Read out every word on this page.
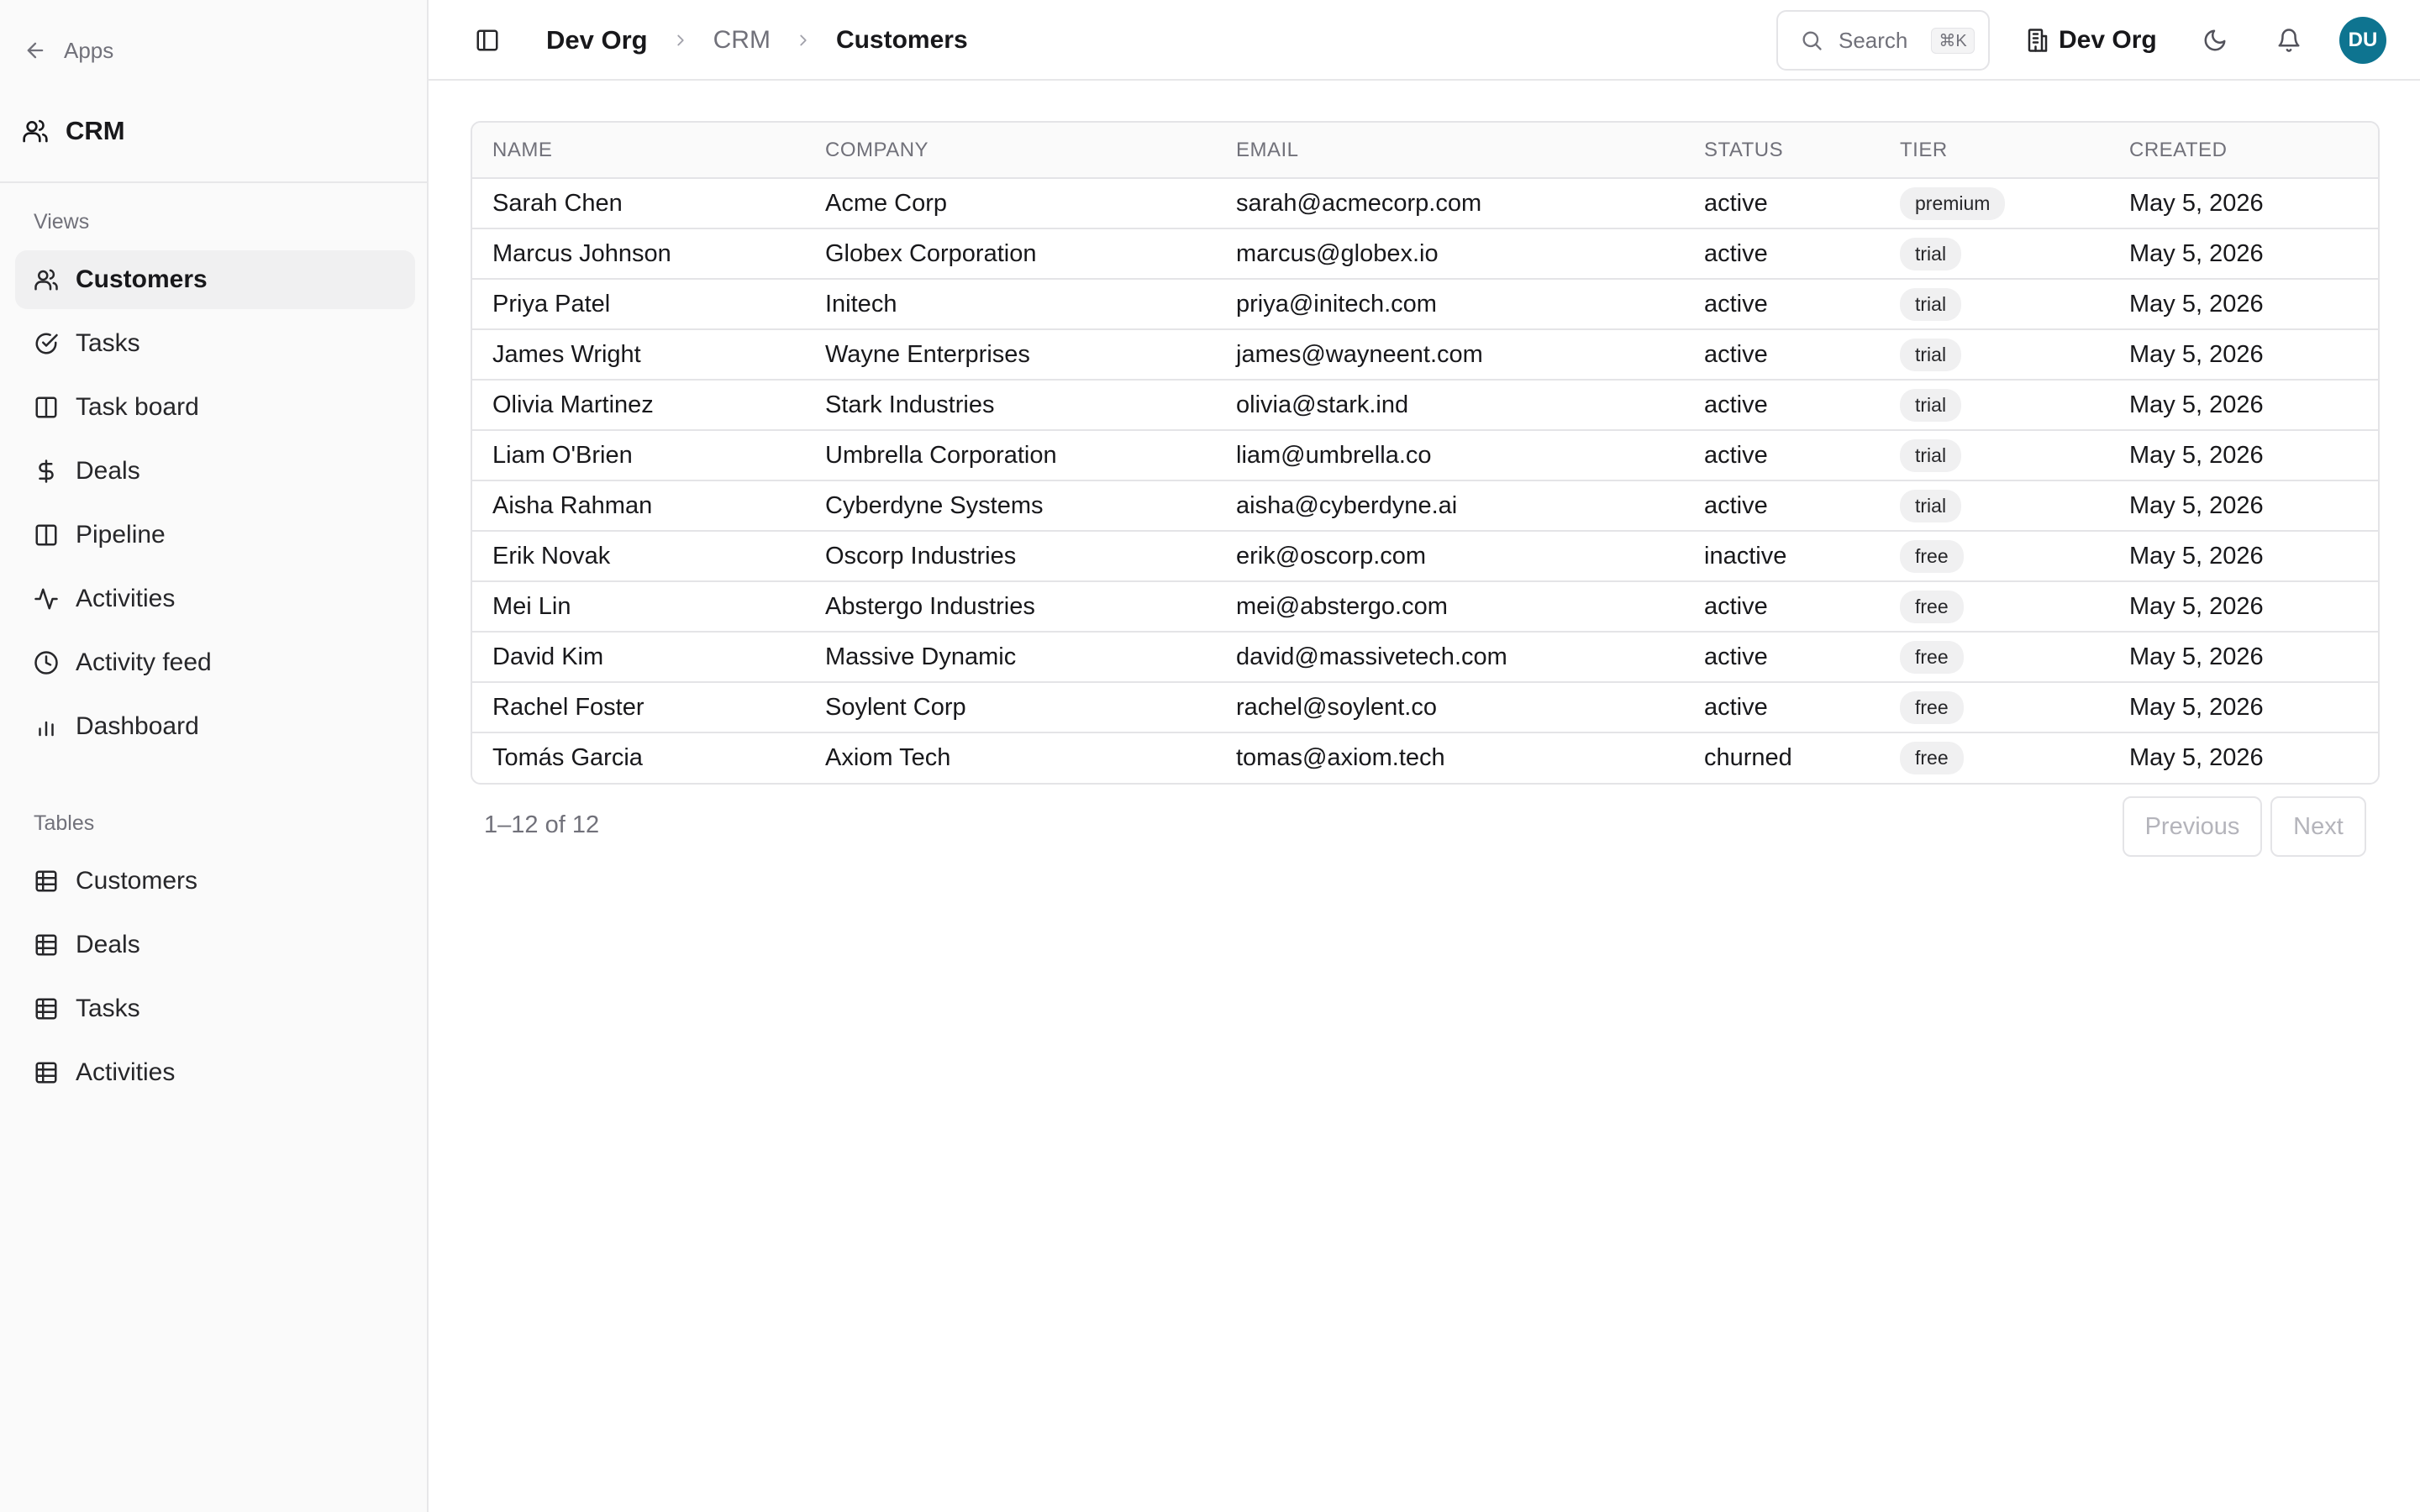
Apps
CRM
Views
Customers
Tasks
Task board
Deals
Pipeline
Activities
Activity feed
Dashboard
Tables
Customers
Deals
Tasks
Activities
Dev Org	CRM	Customers	Search	⌘K	Dev Org	DU
NAME	COMPANY	EMAIL	STATUS	TIER	CREATED
Sarah Chen	Acme Corp	sarah@acmecorp.com	active	premium	May 5, 2026
Marcus Johnson	Globex Corporation	marcus@globex.io	active	trial	May 5, 2026
Priya Patel	Initech	priya@initech.com	active	trial	May 5, 2026
James Wright	Wayne Enterprises	james@wayneent.com	active	trial	May 5, 2026
Olivia Martinez	Stark Industries	olivia@stark.ind	active	trial	May 5, 2026
Liam O'Brien	Umbrella Corporation	liam@umbrella.co	active	trial	May 5, 2026
Aisha Rahman	Cyberdyne Systems	aisha@cyberdyne.ai	active	trial	May 5, 2026
Erik Novak	Oscorp Industries	erik@oscorp.com	inactive	free	May 5, 2026
Mei Lin	Abstergo Industries	mei@abstergo.com	active	free	May 5, 2026
David Kim	Massive Dynamic	david@massivetech.com	active	free	May 5, 2026
Rachel Foster	Soylent Corp	rachel@soylent.co	active	free	May 5, 2026
Tomás Garcia	Axiom Tech	tomas@axiom.tech	churned	free	May 5, 2026
1–12 of 12	Previous	Next
